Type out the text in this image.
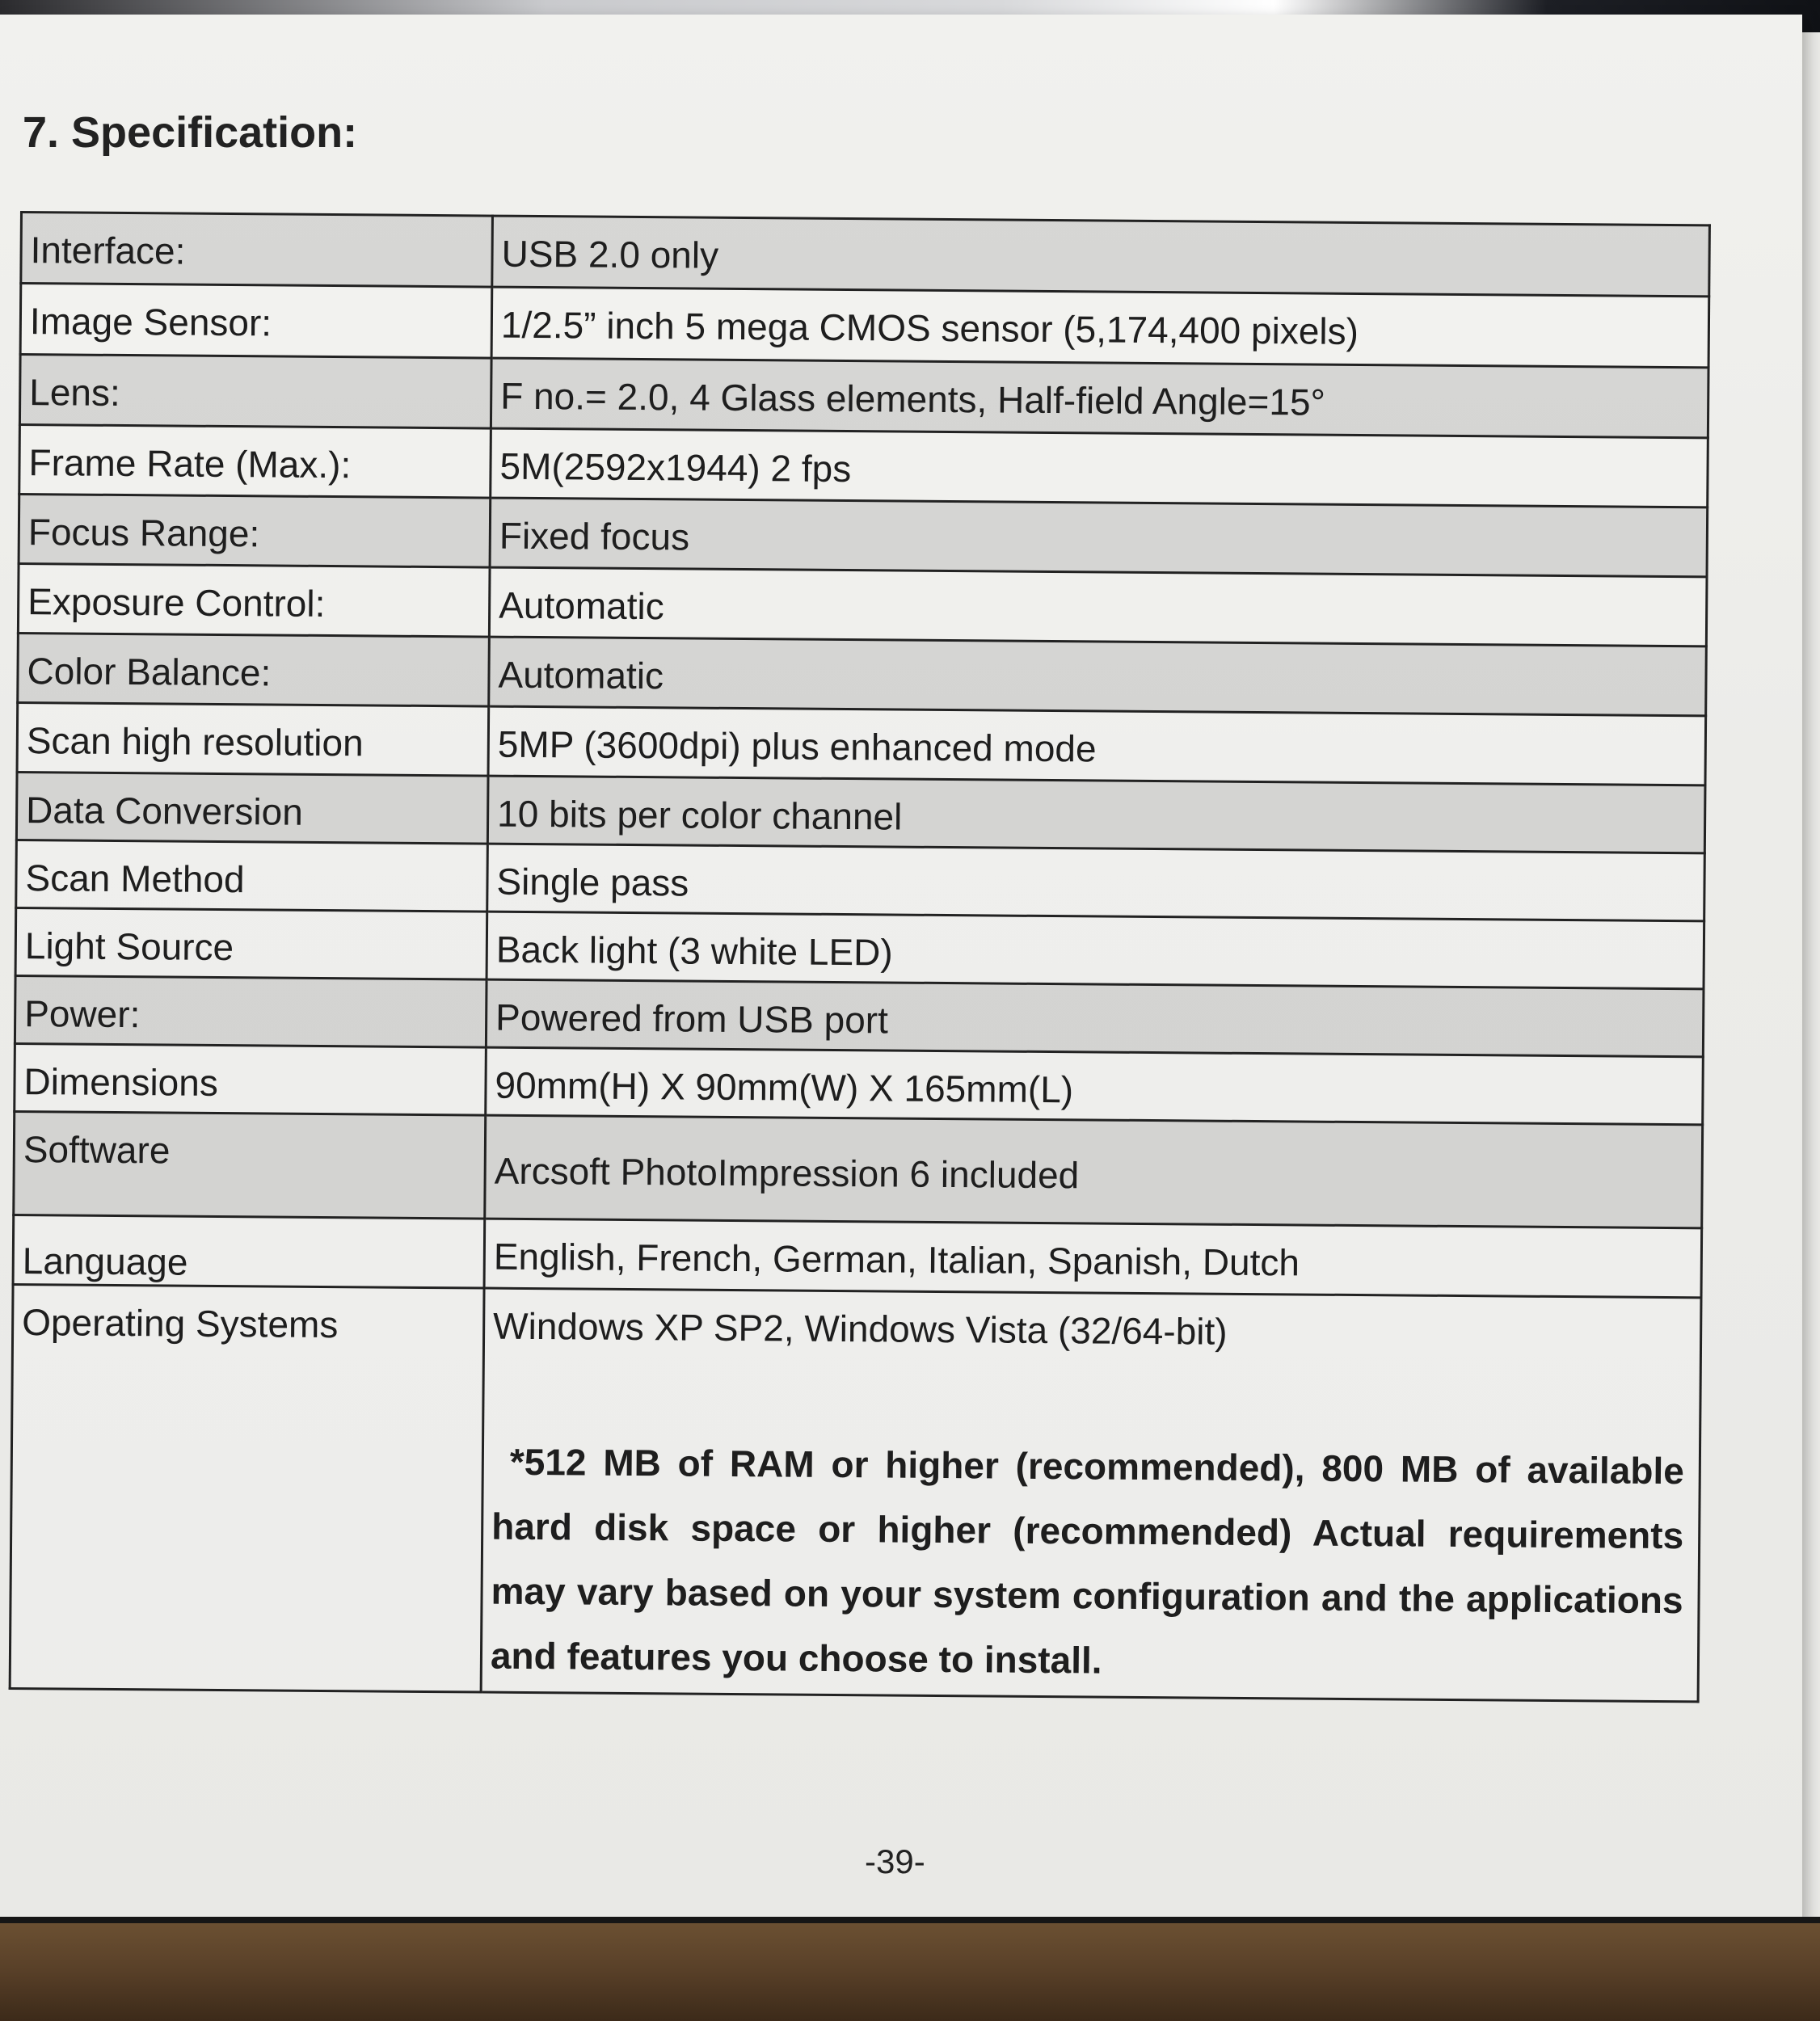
7. Specification:
Interface:	USB 2.0 only
Image Sensor:	1/2.5” inch 5 mega CMOS sensor (5,174,400 pixels)
Lens:	F no.= 2.0, 4 Glass elements, Half-field Angle=15°
Frame Rate (Max.):	5M(2592x1944) 2 fps
Focus Range:	Fixed focus
Exposure Control:	Automatic
Color Balance:	Automatic
Scan high resolution	5MP (3600dpi) plus enhanced mode
Data Conversion	10 bits per color channel
Scan Method	Single pass
Light Source	Back light (3 white LED)
Power:	Powered from USB port
Dimensions	90mm(H) X 90mm(W) X 165mm(L)
Software	Arcsoft PhotoImpression 6 included
Language	English, French, German, Italian, Spanish, Dutch
Operating Systems	Windows XP SP2, Windows Vista (32/64-bit)
*512 MB of RAM or higher (recommended), 800 MB of available hard disk space or higher (recommended) Actual requirements may vary based on your system configuration and the applications and features you choose to install.
-39-
